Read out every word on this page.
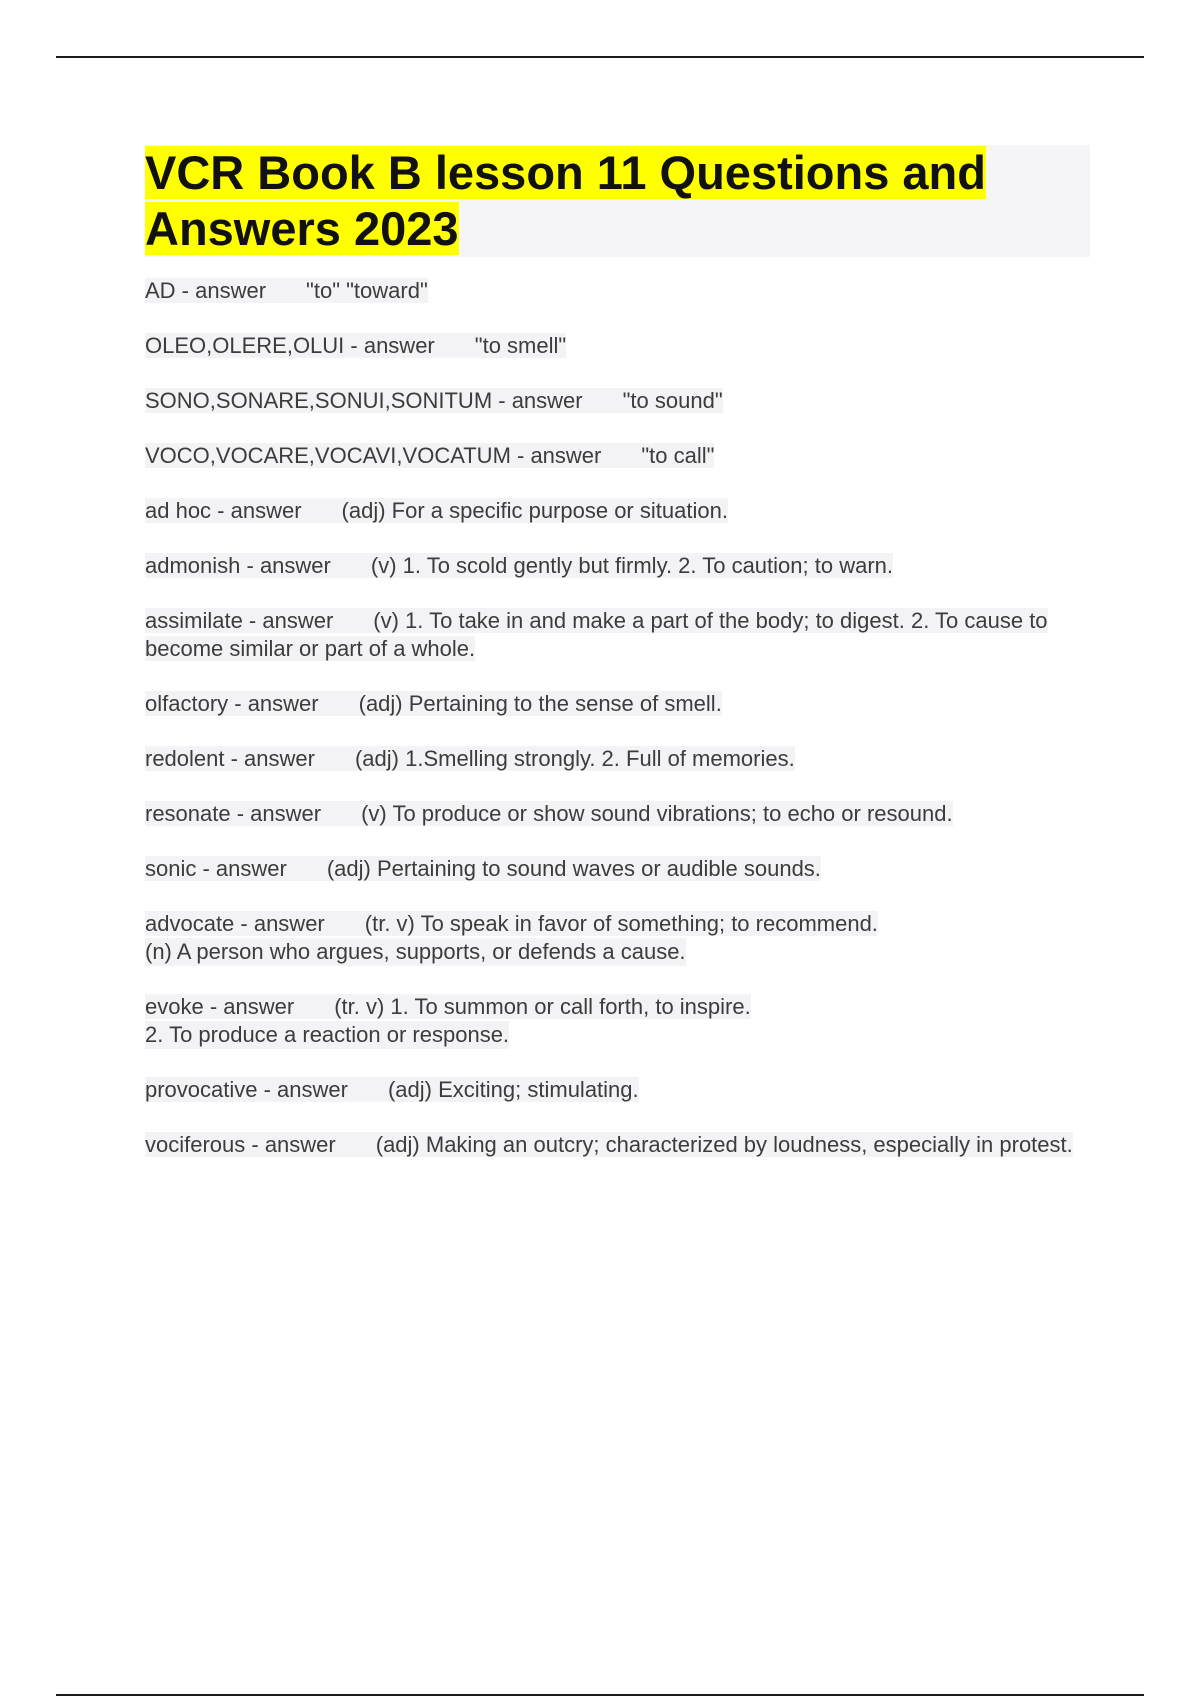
VCR Book B lesson 11 Questions and Answers 2023
AD - answer "to" "toward"
OLEO,OLERE,OLUI - answer "to smell"
SONO,SONARE,SONUI,SONITUM - answer "to sound"
VOCO,VOCARE,VOCAVI,VOCATUM - answer "to call"
ad hoc - answer (adj) For a specific purpose or situation.
admonish - answer (v) 1. To scold gently but firmly. 2. To caution; to warn.
assimilate - answer (v) 1. To take in and make a part of the body; to digest. 2. To cause to become similar or part of a whole.
olfactory - answer (adj) Pertaining to the sense of smell.
redolent - answer (adj) 1.Smelling strongly. 2. Full of memories.
resonate - answer (v) To produce or show sound vibrations; to echo or resound.
sonic - answer (adj) Pertaining to sound waves or audible sounds.
advocate - answer (tr. v) To speak in favor of something; to recommend.
(n) A person who argues, supports, or defends a cause.
evoke - answer (tr. v) 1. To summon or call forth, to inspire.
2. To produce a reaction or response.
provocative - answer (adj) Exciting; stimulating.
vociferous - answer (adj) Making an outcry; characterized by loudness, especially in protest.
